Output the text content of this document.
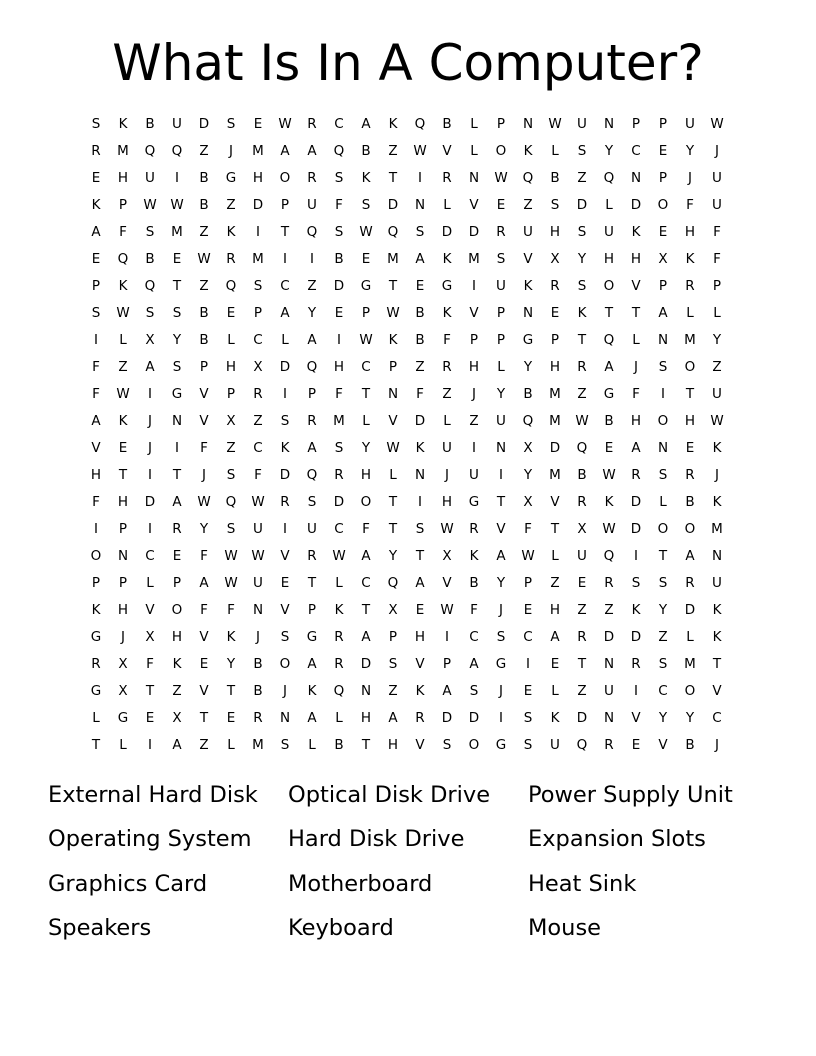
What Is In A Computer?
S	K	B	U	D	S	E	W	R	C	A	K	Q	B	L	P	N	W	U	N	P	P	U	W
R	M	Q	Q	Z	J	M	A	A	Q	B	Z	W	V	L	O	K	L	S	Y	C	E	Y	J
E	H	U	I	B	G	H	O	R	S	K	T	I	R	N	W	Q	B	Z	Q	N	P	J	U
K	P	W	W	B	Z	D	P	U	F	S	D	N	L	V	E	Z	S	D	L	D	O	F	U
A	F	S	M	Z	K	I	T	Q	S	W	Q	S	D	D	R	U	H	S	U	K	E	H	F
E	Q	B	E	W	R	M	I	I	B	E	M	A	K	M	S	V	X	Y	H	H	X	K	F
P	K	Q	T	Z	Q	S	C	Z	D	G	T	E	G	I	U	K	R	S	O	V	P	R	P
S	W	S	S	B	E	P	A	Y	E	P	W	B	K	V	P	N	E	K	T	T	A	L	L
I	L	X	Y	B	L	C	L	A	I	W	K	B	F	P	P	G	P	T	Q	L	N	M	Y
F	Z	A	S	P	H	X	D	Q	H	C	P	Z	R	H	L	Y	H	R	A	J	S	O	Z
F	W	I	G	V	P	R	I	P	F	T	N	F	Z	J	Y	B	M	Z	G	F	I	T	U
A	K	J	N	V	X	Z	S	R	M	L	V	D	L	Z	U	Q	M	W	B	H	O	H	W
V	E	J	I	F	Z	C	K	A	S	Y	W	K	U	I	N	X	D	Q	E	A	N	E	K
H	T	I	T	J	S	F	D	Q	R	H	L	N	J	U	I	Y	M	B	W	R	S	R	J
F	H	D	A	W	Q	W	R	S	D	O	T	I	H	G	T	X	V	R	K	D	L	B	K
I	P	I	R	Y	S	U	I	U	C	F	T	S	W	R	V	F	T	X	W	D	O	O	M
O	N	C	E	F	W	W	V	R	W	A	Y	T	X	K	A	W	L	U	Q	I	T	A	N
P	P	L	P	A	W	U	E	T	L	C	Q	A	V	B	Y	P	Z	E	R	S	S	R	U
K	H	V	O	F	F	N	V	P	K	T	X	E	W	F	J	E	H	Z	Z	K	Y	D	K
G	J	X	H	V	K	J	S	G	R	A	P	H	I	C	S	C	A	R	D	D	Z	L	K
R	X	F	K	E	Y	B	O	A	R	D	S	V	P	A	G	I	E	T	N	R	S	M	T
G	X	T	Z	V	T	B	J	K	Q	N	Z	K	A	S	J	E	L	Z	U	I	C	O	V
L	G	E	X	T	E	R	N	A	L	H	A	R	D	D	I	S	K	D	N	V	Y	Y	C
T	L	I	A	Z	L	M	S	L	B	T	H	V	S	O	G	S	U	Q	R	E	V	B	J
External Hard Disk	Optical Disk Drive	Power Supply Unit
Operating System	Hard Disk Drive	Expansion Slots
Graphics Card	Motherboard	Heat Sink
Speakers	Keyboard	Mouse
